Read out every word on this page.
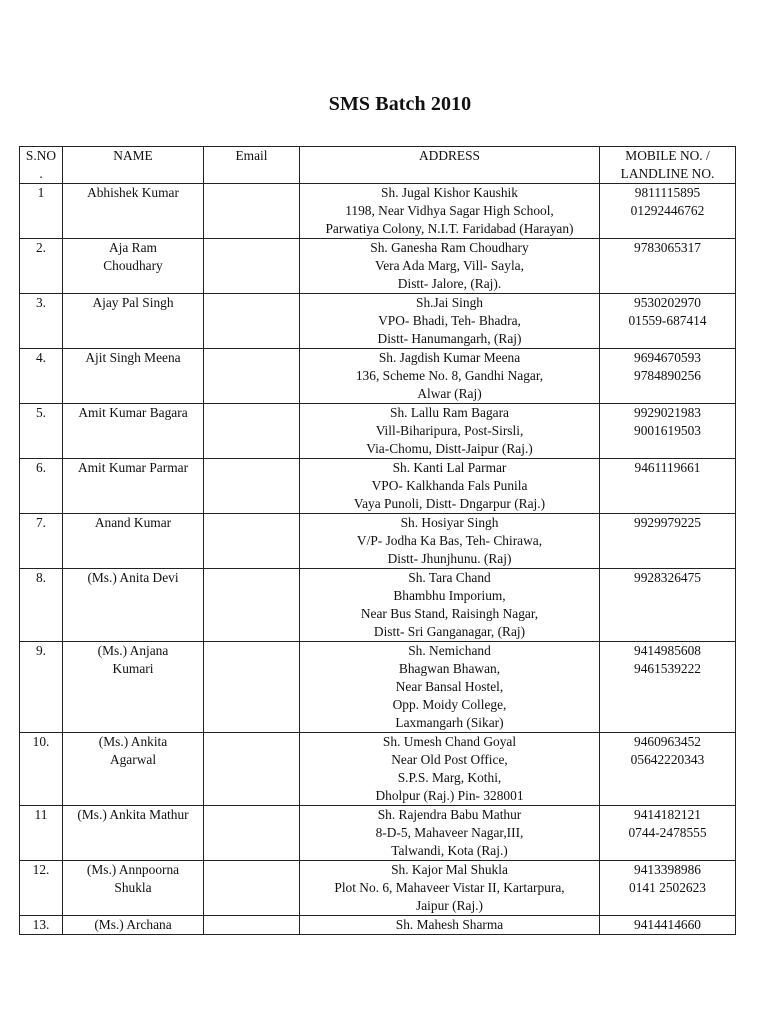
SMS Batch 2010
S.NO
.	NAME	Email	ADDRESS	MOBILE NO. /
LANDLINE NO.

1	Abhishek Kumar		Sh. Jugal Kishor Kaushik
1198, Near Vidhya Sagar High School,
Parwatiya Colony, N.I.T. Faridabad (Harayan)	9811115895
01292446762

2.	Aja Ram
Choudhary		Sh. Ganesha Ram Choudhary
Vera Ada Marg, Vill- Sayla,
Distt- Jalore, (Raj).	9783065317

3.	Ajay Pal Singh		Sh.Jai Singh
VPO- Bhadi, Teh- Bhadra,
Distt- Hanumangarh, (Raj)	9530202970
01559-687414

4.	Ajit Singh Meena		Sh. Jagdish Kumar Meena
136, Scheme No. 8, Gandhi Nagar,
Alwar (Raj)	9694670593
9784890256

5.	Amit Kumar Bagara		Sh. Lallu Ram Bagara
Vill-Biharipura, Post-Sirsli,
Via-Chomu, Distt-Jaipur (Raj.)	9929021983
9001619503

6.	Amit Kumar Parmar		Sh. Kanti Lal Parmar
VPO- Kalkhanda Fals Punila
Vaya Punoli, Distt- Dngarpur (Raj.)	9461119661

7.	Anand Kumar		Sh. Hosiyar Singh
V/P- Jodha Ka Bas, Teh- Chirawa,
Distt- Jhunjhunu. (Raj)	9929979225

8.	(Ms.) Anita Devi		Sh. Tara Chand
Bhambhu Imporium,
Near Bus Stand, Raisingh Nagar,
Distt- Sri Ganganagar, (Raj)	9928326475

9.	(Ms.) Anjana
Kumari		Sh. Nemichand
Bhagwan Bhawan,
Near Bansal Hostel,
Opp. Moidy College,
Laxmangarh (Sikar)	9414985608
9461539222

10.	(Ms.) Ankita
Agarwal		Sh. Umesh Chand Goyal
Near Old Post Office,
S.P.S. Marg, Kothi,
Dholpur (Raj.) Pin- 328001	9460963452
05642220343

11	(Ms.) Ankita Mathur		Sh. Rajendra Babu Mathur
8-D-5, Mahaveer Nagar,III,
Talwandi, Kota (Raj.)	9414182121
0744-2478555

12.	(Ms.) Annpoorna
Shukla		Sh. Kajor Mal Shukla
Plot No. 6, Mahaveer Vistar II, Kartarpura,
Jaipur (Raj.)	9413398986
0141 2502623

13.	(Ms.) Archana		Sh. Mahesh Sharma	9414414660
